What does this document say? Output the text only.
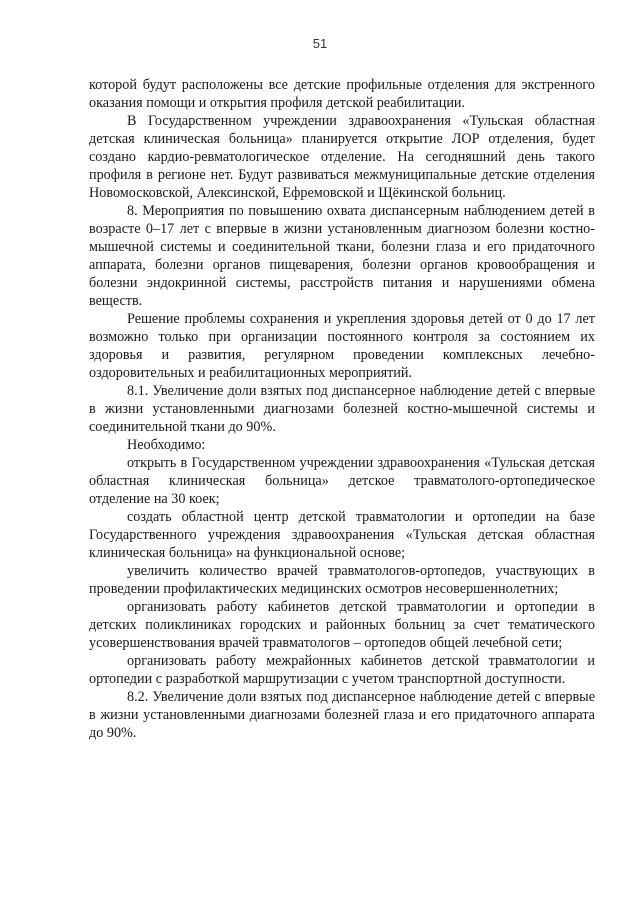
51

которой будут расположены все детские профильные отделения для экстренного оказания помощи и открытия профиля детской реабилитации.

В Государственном учреждении здравоохранения «Тульская областная детская клиническая больница» планируется открытие ЛОР отделения, будет создано кардио-ревматологическое отделение. На сегодняшний день такого профиля в регионе нет. Будут развиваться межмуниципальные детские отделения Новомосковской, Алексинской, Ефремовской и Щёкинской больниц.

8. Мероприятия по повышению охвата диспансерным наблюдением детей в возрасте 0–17 лет с впервые в жизни установленным диагнозом болезни костно-мышечной системы и соединительной ткани, болезни глаза и его придаточного аппарата, болезни органов пищеварения, болезни органов кровообращения и болезни эндокринной системы, расстройств питания и нарушениями обмена веществ.

Решение проблемы сохранения и укрепления здоровья детей от 0 до 17 лет возможно только при организации постоянного контроля за состоянием их здоровья и развития, регулярном проведении комплексных лечебно-оздоровительных и реабилитационных мероприятий.

8.1. Увеличение доли взятых под диспансерное наблюдение детей с впервые в жизни установленными диагнозами болезней костно-мышечной системы и соединительной ткани до 90%.

Необходимо:

открыть в Государственном учреждении здравоохранения «Тульская детская областная клиническая больница» детское травматолого-ортопедическое отделение на 30 коек;

создать областной центр детской травматологии и ортопедии на базе Государственного учреждения здравоохранения «Тульская детская областная клиническая больница» на функциональной основе;

увеличить количество врачей травматологов-ортопедов, участвующих в проведении профилактических медицинских осмотров несовершеннолетних;

организовать работу кабинетов детской травматологии и ортопедии в детских поликлиниках городских и районных больниц за счет тематического усовершенствования врачей травматологов – ортопедов общей лечебной сети;

организовать работу межрайонных кабинетов детской травматологии и ортопедии с разработкой маршрутизации с учетом транспортной доступности.

8.2. Увеличение доли взятых под диспансерное наблюдение детей с впервые в жизни установленными диагнозами болезней глаза и его придаточного аппарата до 90%.
